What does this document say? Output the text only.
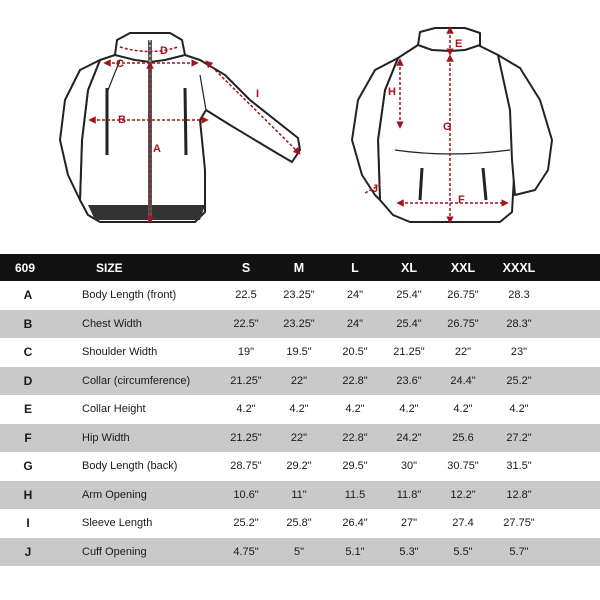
C
B
A
D
I
E
G
H
F
J
609	SIZE	S	M	L	XL	XXL	XXXL
A	Body Length (front)	22.5	23.25"	24"	25.4"	26.75"	28.3
B	Chest Width	22.5"	23.25"	24"	25.4"	26.75"	28.3"
C	Shoulder Width	19"	19.5"	20.5"	21.25"	22"	23"
D	Collar (circumference)	21.25"	22"	22.8"	23.6"	24.4"	25.2"
E	Collar Height	4.2"	4.2"	4.2"	4.2"	4.2"	4.2"
F	Hip Width	21.25"	22"	22.8"	24.2"	25.6	27.2"
G	Body Length (back)	28.75"	29.2"	29.5"	30"	30.75"	31.5"
H	Arm Opening	10.6"	11"	11.5	11.8"	12.2"	12.8"
I	Sleeve Length	25.2"	25.8"	26.4"	27"	27.4	27.75"
J	Cuff Opening	4.75"	5"	5.1"	5.3"	5.5"	5.7"
